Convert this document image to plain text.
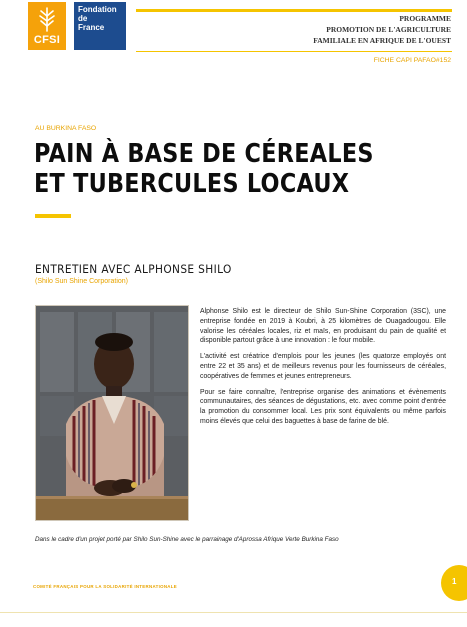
CFSI
Fondation
de
France
PROGRAMME
PROMOTION DE L'AGRICULTURE
FAMILIALE EN AFRIQUE DE L'OUEST
FICHE CAPI PAFAO#152
AU BURKINA FASO
PAIN À BASE DE CÉREALES
ET TUBERCULES LOCAUX
ENTRETIEN AVEC ALPHONSE SHILO
(Shilo Sun Shine Corporation)

Alphonse Shilo est le directeur de Shilo Sun-Shine Corporation (3SC), une entreprise fondée en 2019 à Koubri, à 25 kilomètres de Ouagadougou. Elle valorise les céréales locales, riz et maïs, en produisant du pain de qualité et disponible partout grâce à une innovation : le four mobile.

L'activité est créatrice d'emplois pour les jeunes (les quatorze employés ont entre 22 et 35 ans) et de meilleurs revenus pour les fournisseurs de céréales, coopératives de femmes et jeunes entrepreneurs.

Pour se faire connaître, l'entreprise organise des animations et évènements communautaires, des séances de dégustations, etc. avec comme point d'entrée la promotion du consommer local. Les prix sont équivalents ou même parfois moins élevés que celui des baguettes à base de farine de blé.

Dans le cadre d'un projet porté par Shilo Sun-Shine avec le parrainage d'Aprossa Afrique Verte Burkina Faso
COMITÉ FRANÇAIS POUR LA SOLIDARITÉ INTERNATIONALE
1
